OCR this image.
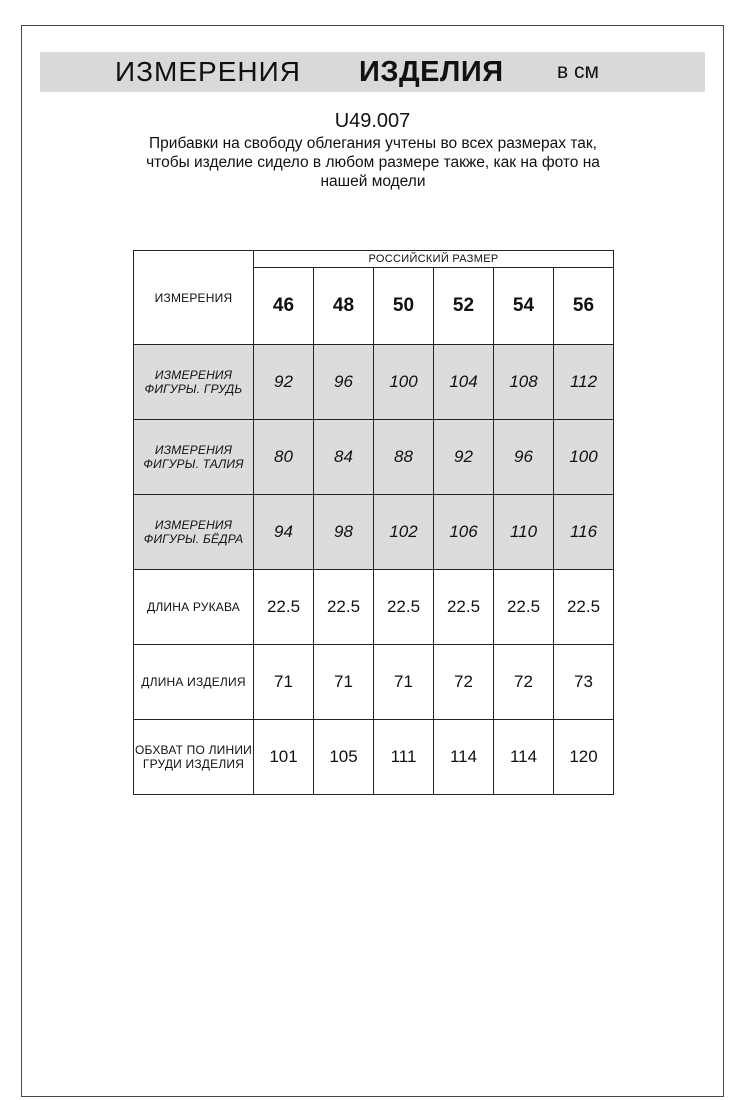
ИЗМЕРЕНИЯ ИЗДЕЛИЯ	в см
U49.007
Прибавки на свободу облегания учтены во всех размерах так, чтобы изделие сидело в любом размере также, как на фото на нашей модели
ИЗМЕРЕНИЯ	РОССИЙСКИЙ РАЗМЕР					
	46	48	50	52	54	56
ИЗМЕРЕНИЯ ФИГУРЫ. ГРУДЬ	92	96	100	104	108	112
ИЗМЕРЕНИЯ ФИГУРЫ. ТАЛИЯ	80	84	88	92	96	100
ИЗМЕРЕНИЯ ФИГУРЫ. БЁДРА	94	98	102	106	110	116
ДЛИНА РУКАВА	22.5	22.5	22.5	22.5	22.5	22.5
ДЛИНА ИЗДЕЛИЯ	71	71	71	72	72	73
ОБХВАТ ПО ЛИНИИ ГРУДИ ИЗДЕЛИЯ	101	105	111	114	114	120
